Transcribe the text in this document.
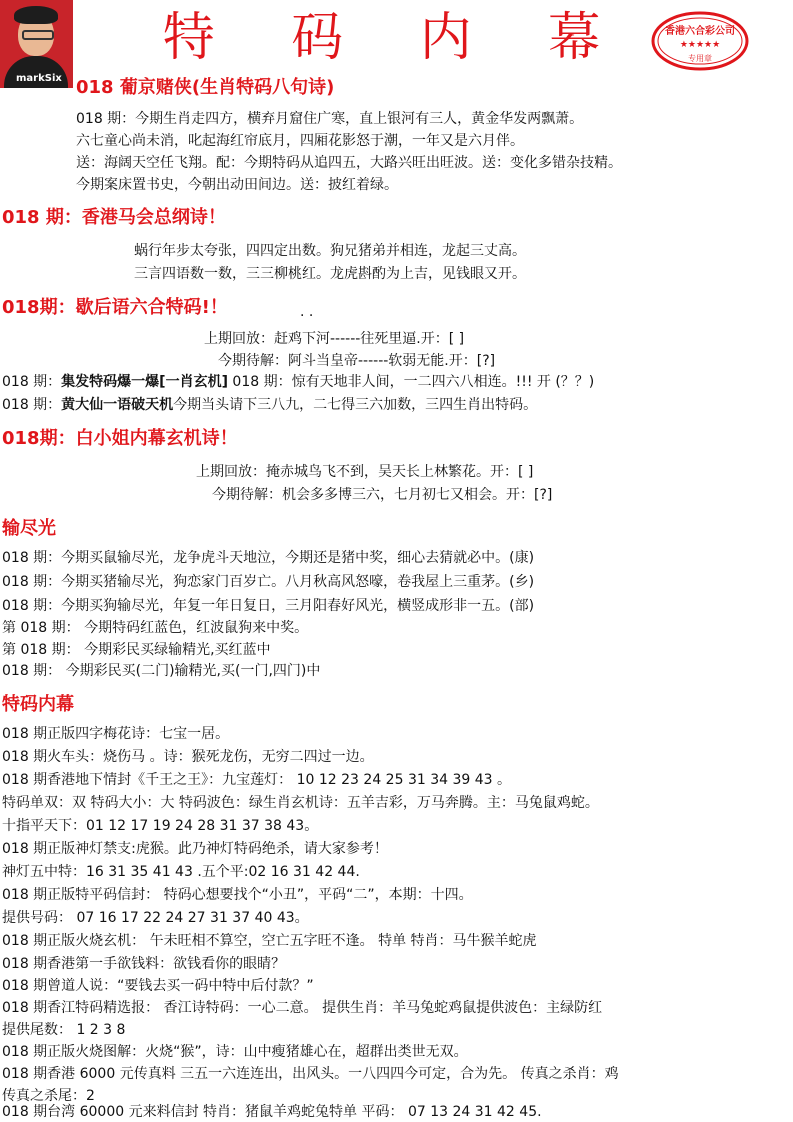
markSix
特 码 内 幕	香港六合彩公司
★★★★★
专用章
018 葡京赌侠(生肖特码八句诗)
018 期：今期生肖走四方，横弃月窟住广寒，直上银河有三人，黄金华发两飘萧。
六七童心尚未消，叱起海红帘底月，四厢花影怒于潮，一年又是六月伴。
送：海阔天空任飞翔。配：今期特码从追四五，大路兴旺出旺波。送：变化多错杂技精。
今期案床置书史，今朝出动田间边。送：披红着绿。
018 期：香港马会总纲诗！
蜗行年步太夸张，四四定出数。狗兄猪弟并相连，龙起三丈高。
三言四语数一数，三三柳桃红。龙虎斟酌为上吉，见钱眼又开。
018期：歇后语六合特码!！	. .
上期回放：赶鸡下河------往死里逼.开：[ ]
今期待解：阿斗当皇帝------软弱无能.开：[?]
018 期：集发特码爆一爆[一肖玄机] 018 期：惊有天地非人间，一二四六八相连。!!! 开 (？？)
018 期：黄大仙一语破天机今期当头请下三八九，二七得三六加数，三四生肖出特码。
018期：白小姐内幕玄机诗！
上期回放：掩赤城鸟飞不到，吴天长上林繁花。开：[ ]
今期待解：机会多多博三六，七月初七又相会。开：[?]
输尽光
018 期：今期买鼠输尽光，龙争虎斗天地泣，今期还是猪中奖，细心去猜就必中。(康)
018 期：今期买猪输尽光，狗恋家门百岁亡。八月秋高风怒嚎，卷我屋上三重茅。(乡)
018 期：今期买狗输尽光，年复一年日复日，三月阳春好风光，横竖成形非一五。(部)
第 018 期： 今期特码红蓝色，红波鼠狗来中奖。
第 018 期： 今期彩民买绿输精光,买红蓝中
018 期： 今期彩民买(二门)输精光,买(一门,四门)中
特码内幕
018 期正版四字梅花诗：七宝一居。
018 期火车头：烧伤马 。诗：猴死龙伤，无穷二四过一边。
018 期香港地下情封《千王之王》：九宝莲灯： 10 12 23 24 25 31 34 39 43 。
特码单双：双 特码大小：大 特码波色：绿生肖玄机诗：五羊吉彩，万马奔腾。主：马兔鼠鸡蛇。
十指平天下：01 12 17 19 24 28 31 37 38 43。
018 期正版神灯禁支:虎猴。此乃神灯特码绝杀，请大家参考！
神灯五中特：16 31 35 41 43 .五个平:02 16 31 42 44.
018 期正版特平码信封： 特码心想要找个“小丑”，平码“二”，本期：十四。
提供号码： 07 16 17 22 24 27 31 37 40 43。
018 期正版火烧玄机： 午未旺相不算空，空亡五字旺不逢。 特单 特肖：马牛猴羊蛇虎
018 期香港第一手欲钱料：欲钱看你的眼睛？
018 期曾道人说：“要钱去买一码中特中后付款？”
018 期香江特码精选报： 香江诗特码：一心二意。 提供生肖：羊马兔蛇鸡鼠提供波色：主绿防红
提供尾数： 1 2 3 8
018 期正版火烧图解：火烧“猴”，诗：山中瘦猪雄心在，超群出类世无双。
018 期香港 6000 元传真料 三五一六连连出，出风头。一八四四今可定，合为先。 传真之杀肖：鸡
传真之杀尾：2
018 期台湾 60000 元来料信封 特肖：猪鼠羊鸡蛇兔特单 平码： 07 13 24 31 42 45.
